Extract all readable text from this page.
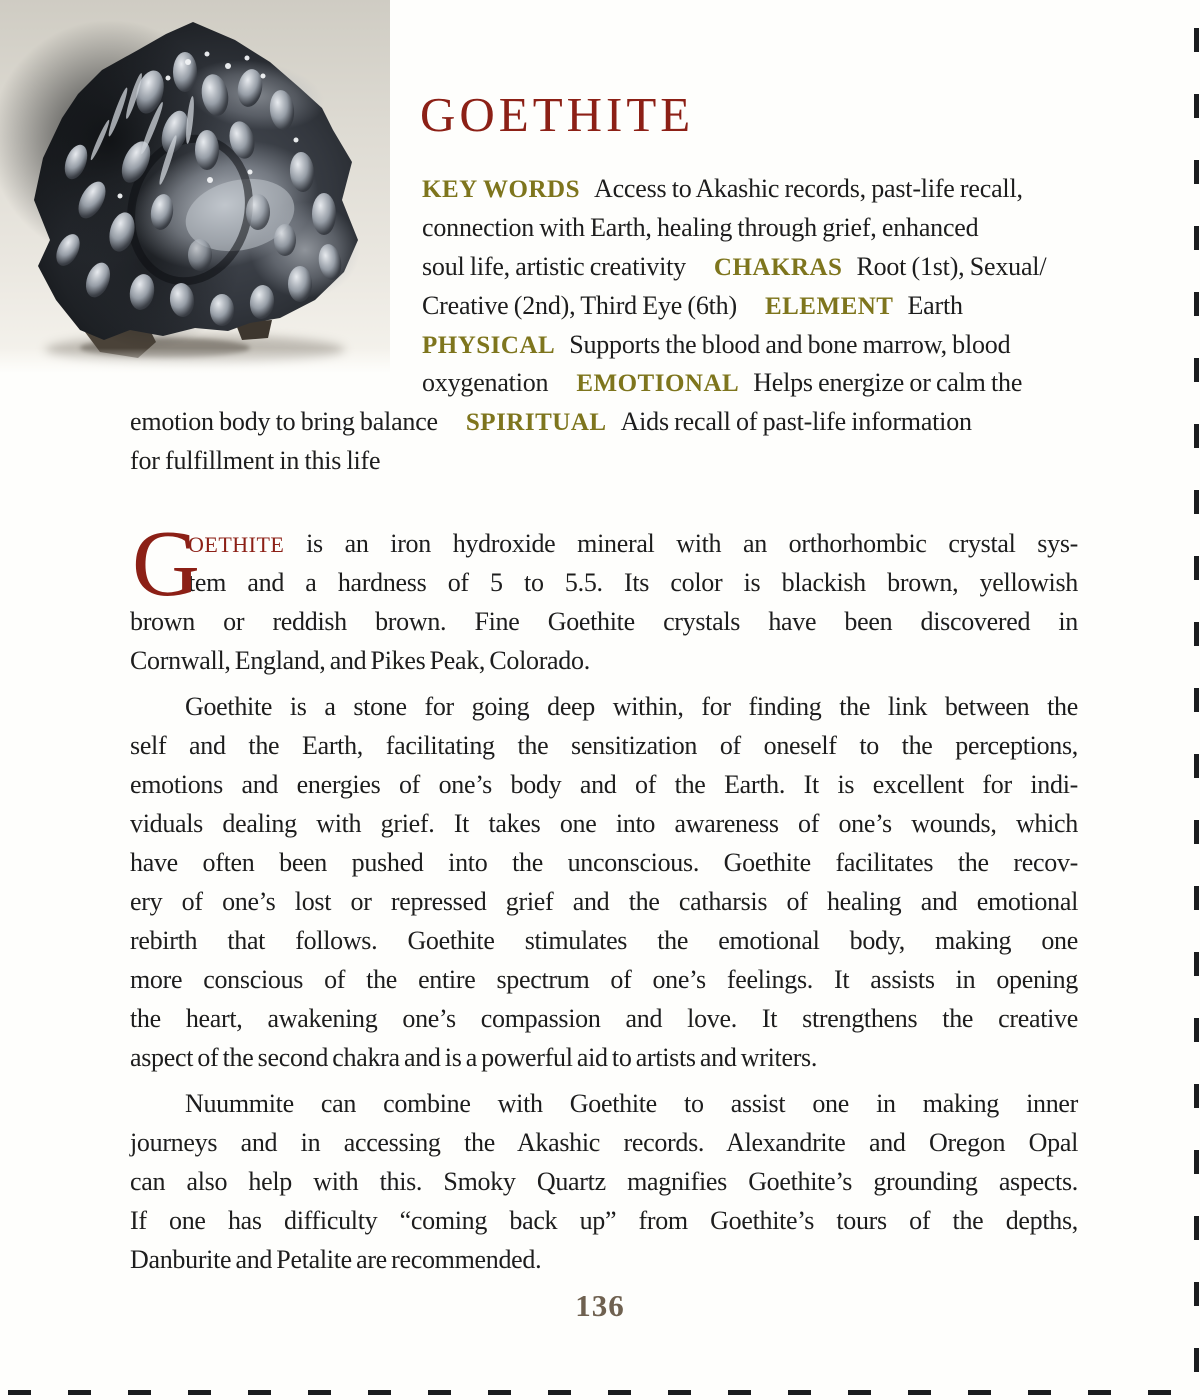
GOETHITE
KEY WORDS Access to Akashic records, past-life recall,
connection with Earth, healing through grief, enhanced
soul life, artistic creativity CHAKRAS Root (1st), Sexual/
Creative (2nd), Third Eye (6th) ELEMENT Earth
PHYSICAL Supports the blood and bone marrow, blood
oxygenation EMOTIONAL Helps energize or calm the
emotion body to bring balance SPIRITUAL Aids recall of past-life information
for fulfillment in this life
G
OETHITE is an iron hydroxide mineral with an orthorhombic crystal sys-
tem and a hardness of 5 to 5.5. Its color is blackish brown, yellowish
brown or reddish brown. Fine Goethite crystals have been discovered in
Cornwall, England, and Pikes Peak, Colorado.
Goethite is a stone for going deep within, for finding the link between the
self and the Earth, facilitating the sensitization of oneself to the perceptions,
emotions and energies of one’s body and of the Earth. It is excellent for indi-
viduals dealing with grief. It takes one into awareness of one’s wounds, which
have often been pushed into the unconscious. Goethite facilitates the recov-
ery of one’s lost or repressed grief and the catharsis of healing and emotional
rebirth that follows. Goethite stimulates the emotional body, making one
more conscious of the entire spectrum of one’s feelings. It assists in opening
the heart, awakening one’s compassion and love. It strengthens the creative
aspect of the second chakra and is a powerful aid to artists and writers.
Nuummite can combine with Goethite to assist one in making inner
journeys and in accessing the Akashic records. Alexandrite and Oregon Opal
can also help with this. Smoky Quartz magnifies Goethite’s grounding aspects.
If one has difficulty “coming back up” from Goethite’s tours of the depths,
Danburite and Petalite are recommended.
136
